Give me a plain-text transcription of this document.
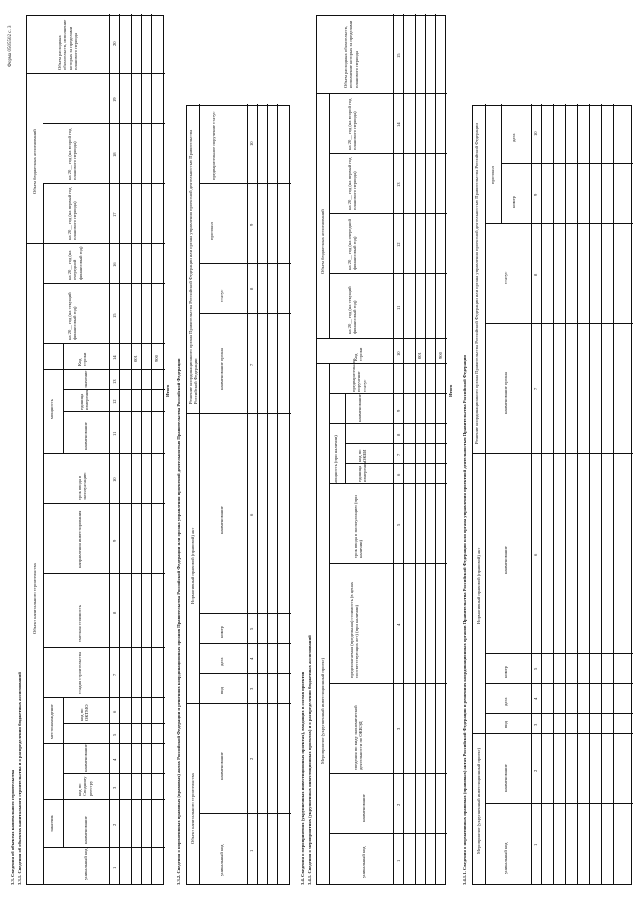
Форма 0505502 с. 3
3.3. Сведения об объектах капитального строительства 3.3.1. Сведения об объектах капитального строительства и о распределении бюджетных ассигнований
Объект капитального строительства
Объем бюджетных ассигнований
заказчик
местонахождение
мощность
уникальный код
наименование
код по Сводному реестру
наименование
код по ОКТМО
стадия строительства
сметная стоимость
направления инвестирования
срок ввода в эксплуатацию
наименование
единица измерения
значение
Код строки
на 20__ год (на текущий финансовый год)
на 20__ год (на очередной финансовый год)
на 20__ год (на первый год планового периода)
на 20__ год (на второй год планового периода)
Объем расходных обязательств, исполнение которых за пределами планового периода
1
2
3
4
5
6
7
8
9
10
11
12
13
14
15
16
17
18
19
20
001	900
Итого 3.3.2. Сведения о нормативных правовых (правовых) актах Российской Федерации и решениях координационных органов Правительства Российской Федерации или органа управления проектной деятельностью Правительства Российской Федерации Объект капитального строительства
Нормативный правовой (правовой) акт
Решение координационного органа Правительства Российской Федерации или органа управления проектной деятельностью Правительства Российской Федерации
уникальный код
наименование
вид
дата
номер
наименование
наименование органа
статус
протокол
предварительное поручение статус
1
2
3
4
5
6
7
8
9
10
3.4. Сведения о мероприятиях (укрупненных инвестиционных проектах), входящих в состав проектов 3.4.1. Сведения о мероприятиях (укрупненных инвестиционных проектах) и о распределении бюджетных ассигнований Мероприятие (укрупненный инвестиционный проект)
мощность (при наличии)
Объем бюджетных ассигнований
уникальный код
наименование
сведения по виду экономической деятельности по ОКВЭД
предполагаемая (предельная) стоимость (в ценах соответствующих лет) (при наличии)
срок ввода в эксплуатацию (при наличии)
единица измерения
код по ОКЕИ
наименование
предварительное поручение статус
Код строки
на 20__ год (на текущий финансовый год)
на 20__ год (на очередной финансовый год)
на 20__ год (на первый год планового периода)
на 20__ год (на второй год планового периода)
Объем расходных обязательств, исполнение которых за пределами планового периода
1
2
3
4
5
6
7
8
9
10
11
12
13
14
15
001	900
Итого 3.4.1.1. Сведения о нормативных правовых (правовых) актах Российской Федерации и решениях координационных органов Правительства Российской Федерации или органа управления проектной деятельностью Правительства Российской Федерации Мероприятие (укрупненный инвестиционный проект)
Нормативный правовой (правовой) акт
Решение координационного органа Правительства Российской Федерации или органа управления проектной деятельностью Правительства Российской Федерации
уникальный код
наименование
вид
дата
номер
наименование
наименование органа
статус
протокол
номер
дата
1
2
3
4
5
6
7
8
9
10
